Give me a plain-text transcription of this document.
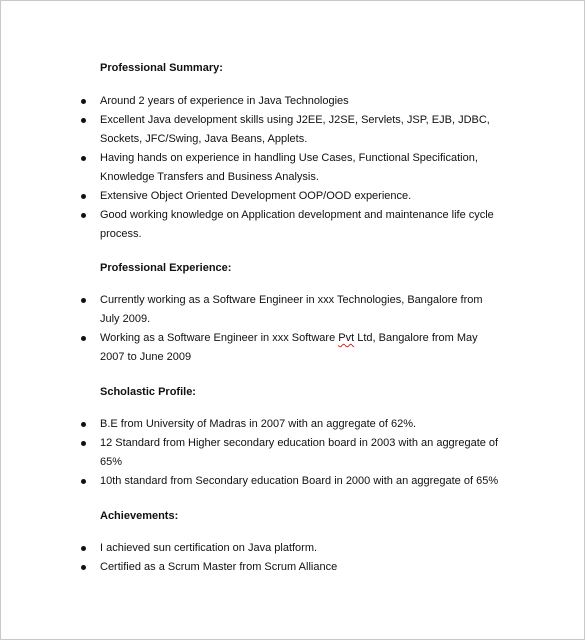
Professional Summary:
Around 2 years of experience in Java Technologies
Excellent Java development skills using J2EE, J2SE, Servlets, JSP, EJB, JDBC, Sockets, JFC/Swing, Java Beans, Applets.
Having hands on experience in handling Use Cases, Functional Specification, Knowledge Transfers and Business Analysis.
Extensive Object Oriented Development OOP/OOD experience.
Good working knowledge on Application development and maintenance life cycle process.
Professional Experience:
Currently working as a Software Engineer in xxx Technologies, Bangalore from July 2009.
Working as a Software Engineer in xxx Software Pvt Ltd, Bangalore from May 2007 to June 2009
Scholastic Profile:
B.E from University of Madras in 2007 with an aggregate of 62%.
12 Standard from Higher secondary education board in 2003 with an aggregate of 65%
10th standard from Secondary education Board in 2000 with an aggregate of 65%
Achievements:
I achieved sun certification on Java platform.
Certified as a Scrum Master from Scrum Alliance
